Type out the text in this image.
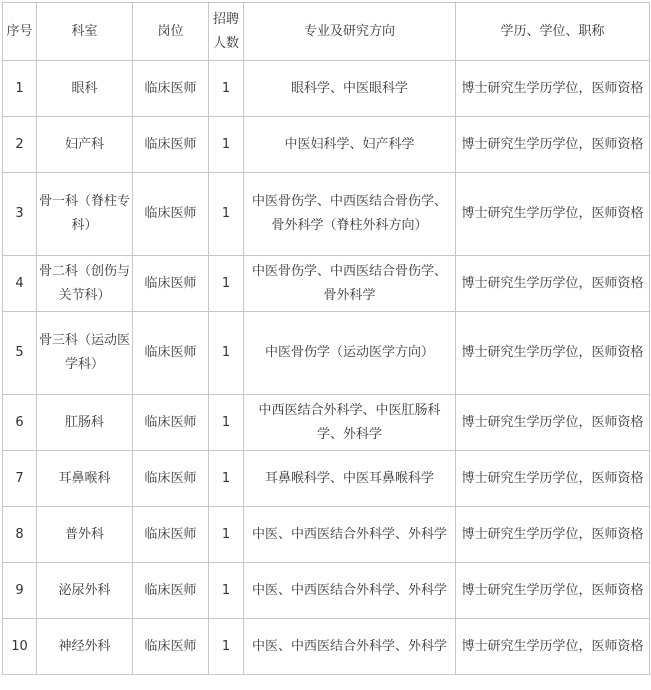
序号	科室	岗位	招聘人数	专业及研究方向	学历、学位、职称
1	眼科	临床医师	1	眼科学、中医眼科学	博士研究生学历学位，医师资格
2	妇产科	临床医师	1	中医妇科学、妇产科学	博士研究生学历学位，医师资格
3	骨一科（脊柱专科）	临床医师	1	中医骨伤学、中西医结合骨伤学、骨外科学（脊柱外科方向）	博士研究生学历学位，医师资格
4	骨二科（创伤与关节科）	临床医师	1	中医骨伤学、中西医结合骨伤学、骨外科学	博士研究生学历学位，医师资格
5	骨三科（运动医学科）	临床医师	1	中医骨伤学（运动医学方向）	博士研究生学历学位，医师资格
6	肛肠科	临床医师	1	中西医结合外科学、中医肛肠科学、外科学	博士研究生学历学位，医师资格
7	耳鼻喉科	临床医师	1	耳鼻喉科学、中医耳鼻喉科学	博士研究生学历学位，医师资格
8	普外科	临床医师	1	中医、中西医结合外科学、外科学	博士研究生学历学位，医师资格
9	泌尿外科	临床医师	1	中医、中西医结合外科学、外科学	博士研究生学历学位，医师资格
10	神经外科	临床医师	1	中医、中西医结合外科学、外科学	博士研究生学历学位，医师资格
